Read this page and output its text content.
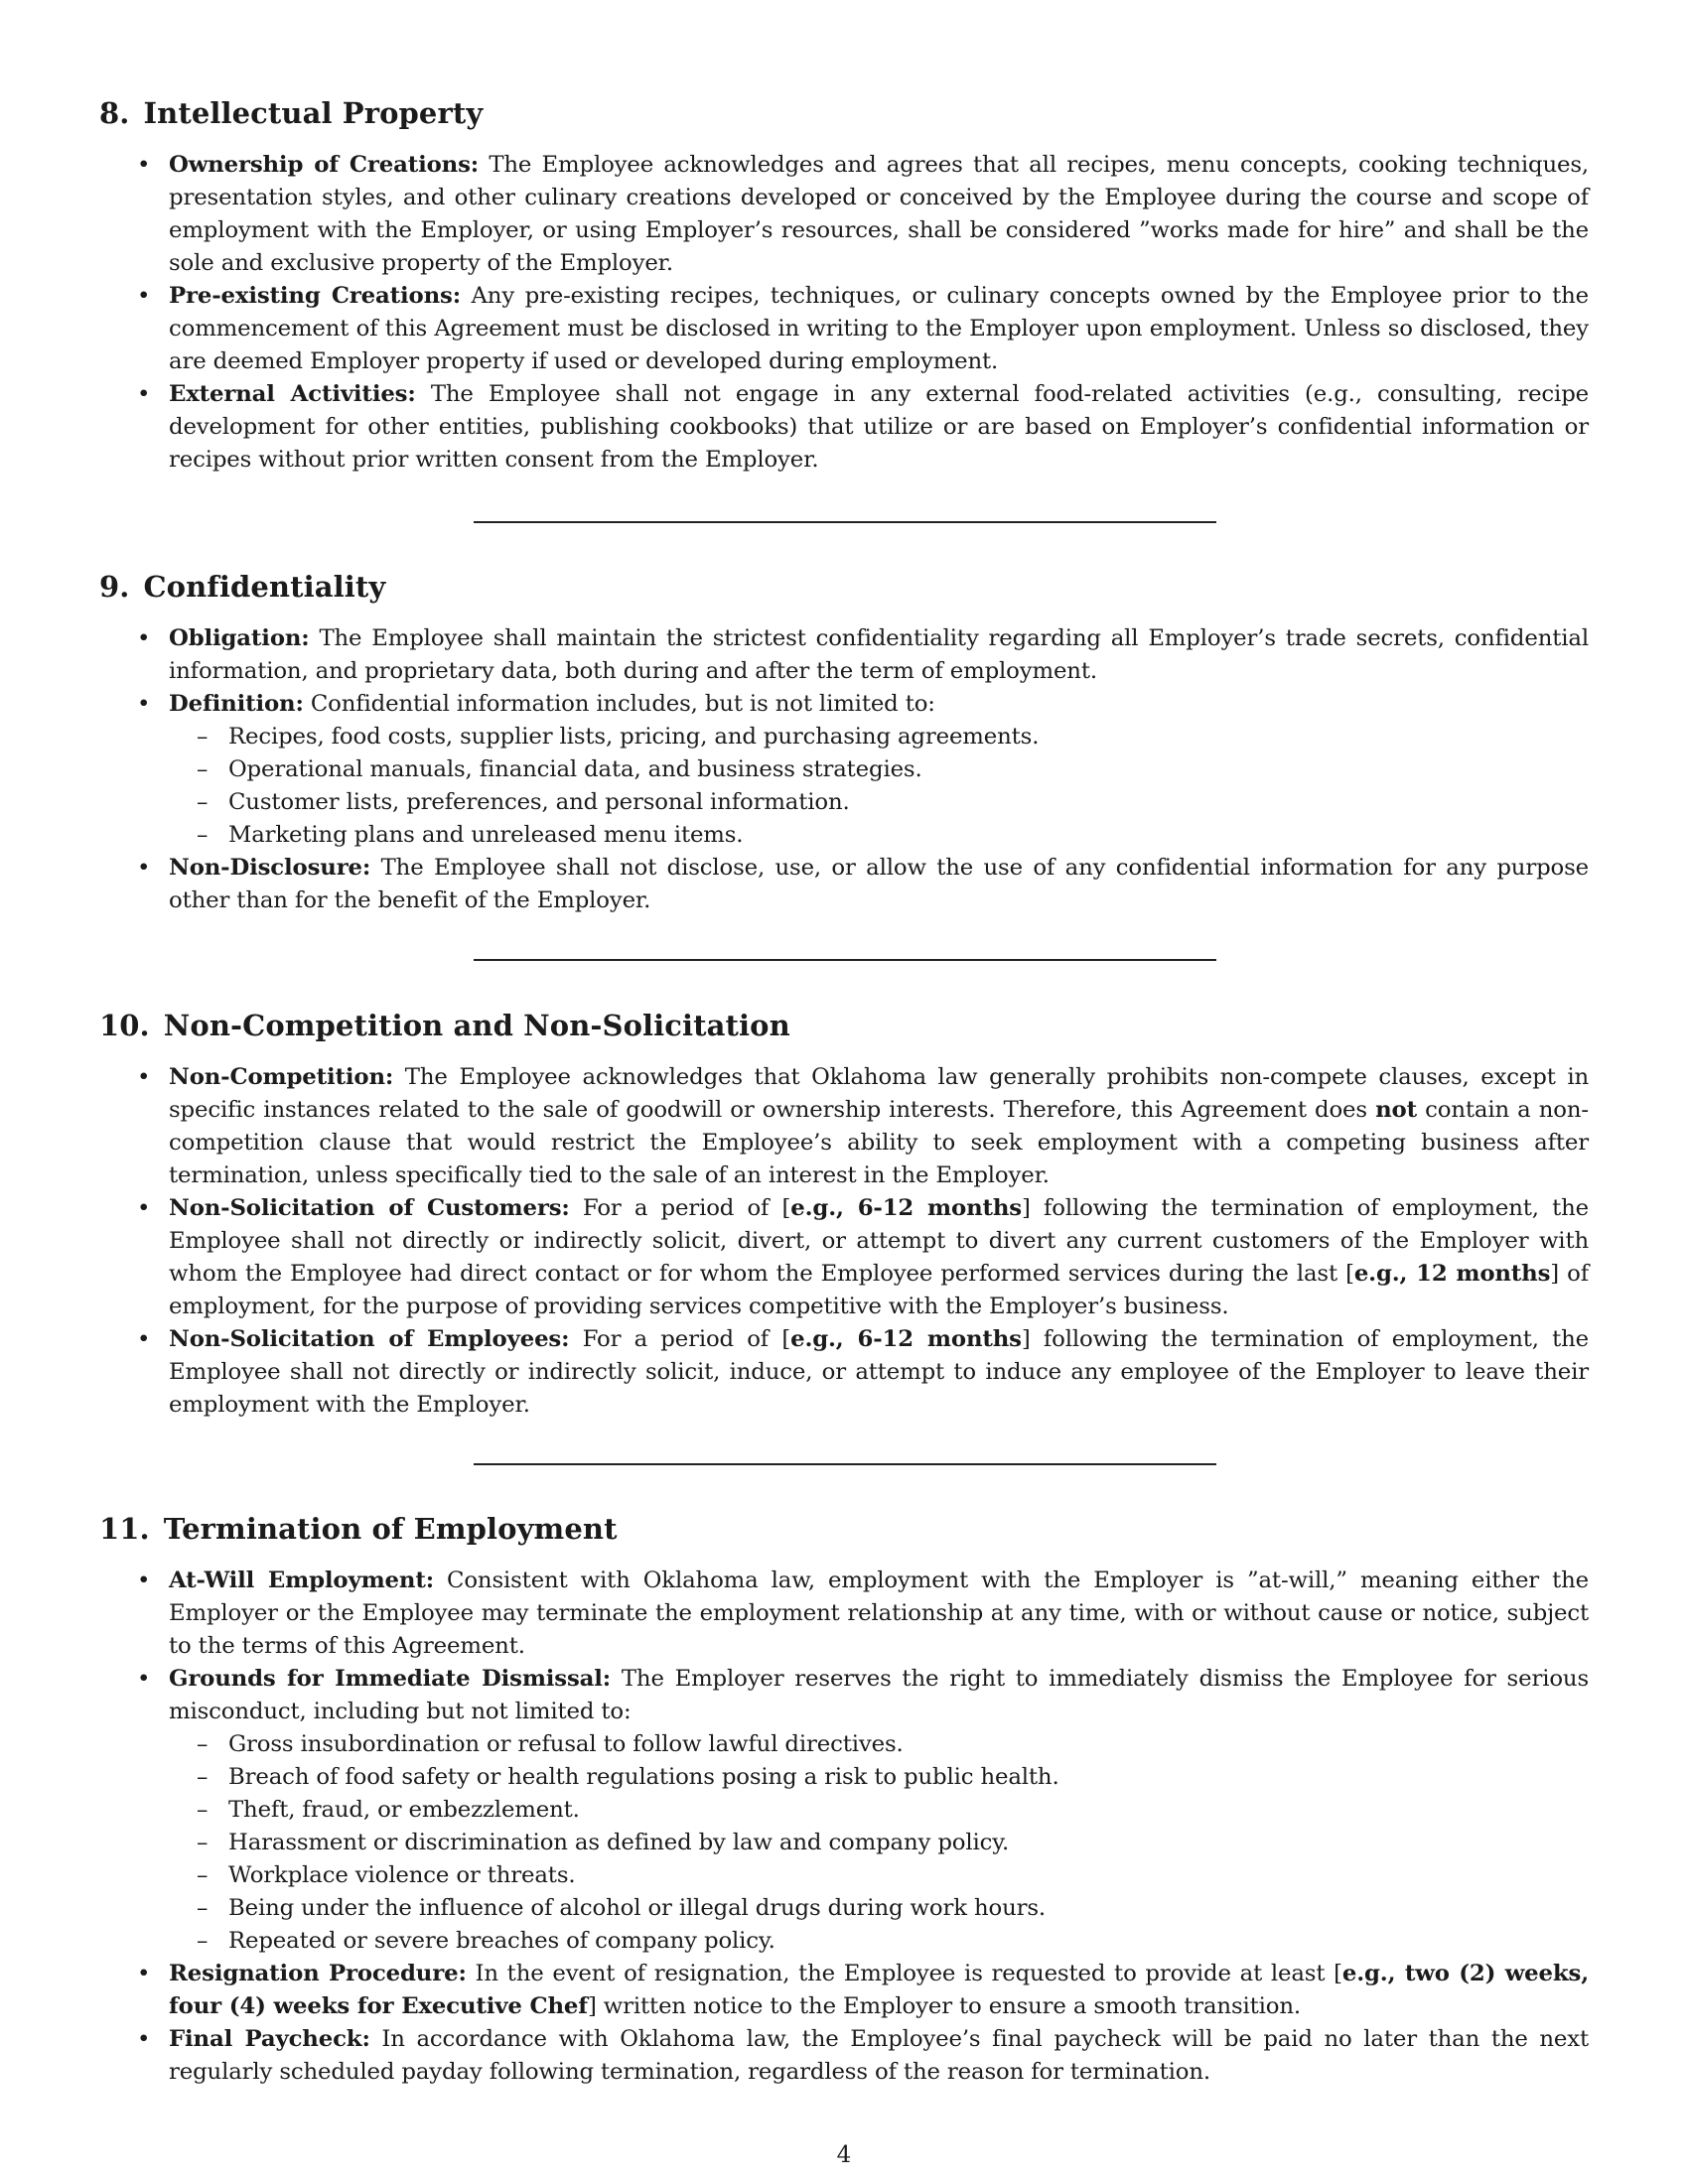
8. Intellectual Property
• Ownership of Creations: The Employee acknowledges and agrees that all recipes, menu concepts, cooking techniques, presentation styles, and other culinary creations developed or conceived by the Employee during the course and scope of employment with the Employer, or using Employer’s resources, shall be considered ”works made for hire” and shall be the sole and exclusive property of the Employer.
• Pre-existing Creations: Any pre-existing recipes, techniques, or culinary concepts owned by the Employee prior to the commencement of this Agreement must be disclosed in writing to the Employer upon employment. Unless so disclosed, they are deemed Employer property if used or developed during employment.
• External Activities: The Employee shall not engage in any external food-related activities (e.g., consulting, recipe development for other entities, publishing cookbooks) that utilize or are based on Employer’s confidential information or recipes without prior written consent from the Employer.
9. Confidentiality
• Obligation: The Employee shall maintain the strictest confidentiality regarding all Employer’s trade secrets, confidential information, and proprietary data, both during and after the term of employment.
• Definition: Confidential information includes, but is not limited to:
– Recipes, food costs, supplier lists, pricing, and purchasing agreements.
– Operational manuals, financial data, and business strategies.
– Customer lists, preferences, and personal information.
– Marketing plans and unreleased menu items.
• Non-Disclosure: The Employee shall not disclose, use, or allow the use of any confidential information for any purpose other than for the benefit of the Employer.
10. Non-Competition and Non-Solicitation
• Non-Competition: The Employee acknowledges that Oklahoma law generally prohibits non-compete clauses, except in specific instances related to the sale of goodwill or ownership interests. Therefore, this Agreement does not contain a non-competition clause that would restrict the Employee’s ability to seek employment with a competing business after termination, unless specifically tied to the sale of an interest in the Employer.
• Non-Solicitation of Customers: For a period of [e.g., 6-12 months] following the termination of employment, the Employee shall not directly or indirectly solicit, divert, or attempt to divert any current customers of the Employer with whom the Employee had direct contact or for whom the Employee performed services during the last [e.g., 12 months] of employment, for the purpose of providing services competitive with the Employer’s business.
• Non-Solicitation of Employees: For a period of [e.g., 6-12 months] following the termination of employment, the Employee shall not directly or indirectly solicit, induce, or attempt to induce any employee of the Employer to leave their employment with the Employer.
11. Termination of Employment
• At-Will Employment: Consistent with Oklahoma law, employment with the Employer is ”at-will,” meaning either the Employer or the Employee may terminate the employment relationship at any time, with or without cause or notice, subject to the terms of this Agreement.
• Grounds for Immediate Dismissal: The Employer reserves the right to immediately dismiss the Employee for serious misconduct, including but not limited to:
– Gross insubordination or refusal to follow lawful directives.
– Breach of food safety or health regulations posing a risk to public health.
– Theft, fraud, or embezzlement.
– Harassment or discrimination as defined by law and company policy.
– Workplace violence or threats.
– Being under the influence of alcohol or illegal drugs during work hours.
– Repeated or severe breaches of company policy.
• Resignation Procedure: In the event of resignation, the Employee is requested to provide at least [e.g., two (2) weeks, four (4) weeks for Executive Chef] written notice to the Employer to ensure a smooth transition.
• Final Paycheck: In accordance with Oklahoma law, the Employee’s final paycheck will be paid no later than the next regularly scheduled payday following termination, regardless of the reason for termination.
4
